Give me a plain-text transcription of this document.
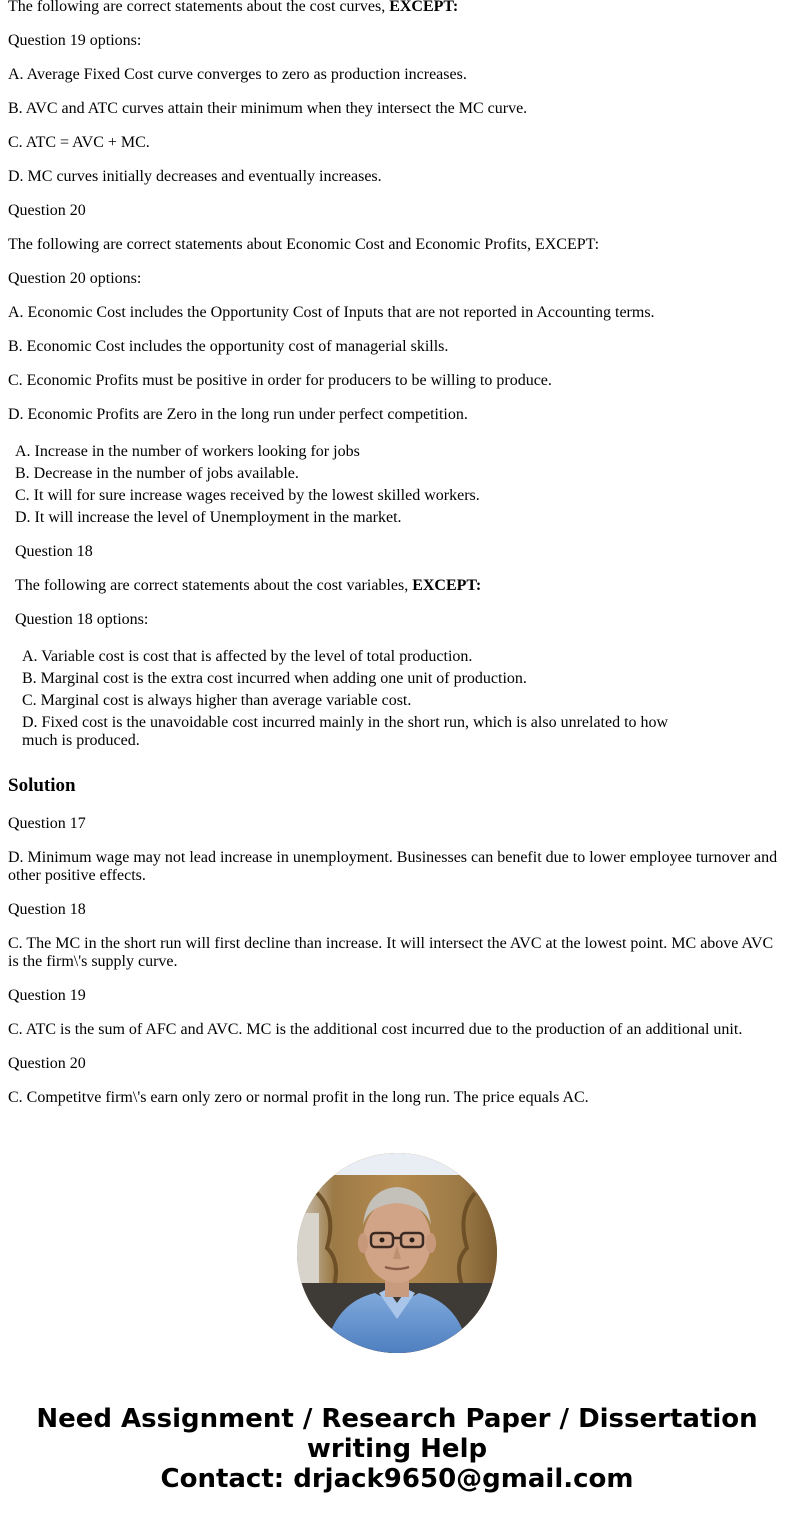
The following are correct statements about the cost curves, EXCEPT:

Question 19 options:

A. Average Fixed Cost curve converges to zero as production increases.

B. AVC and ATC curves attain their minimum when they intersect the MC curve.

C. ATC = AVC + MC.

D. MC curves initially decreases and eventually increases.

Question 20

The following are correct statements about Economic Cost and Economic Profits, EXCEPT:

Question 20 options:

A. Economic Cost includes the Opportunity Cost of Inputs that are not reported in Accounting terms.

B. Economic Cost includes the opportunity cost of managerial skills.

C. Economic Profits must be positive in order for producers to be willing to produce.

D. Economic Profits are Zero in the long run under perfect competition.

A. Increase in the number of workers looking for jobs

B. Decrease in the number of jobs available.

C. It will for sure increase wages received by the lowest skilled workers.

D. It will increase the level of Unemployment in the market.

Question 18

The following are correct statements about the cost variables, EXCEPT:

Question 18 options:

A. Variable cost is cost that is affected by the level of total production.

B. Marginal cost is the extra cost incurred when adding one unit of production.

C. Marginal cost is always higher than average variable cost.

D. Fixed cost is the unavoidable cost incurred mainly in the short run, which is also unrelated to how much is produced.

Solution

Question 17

D. Minimum wage may not lead increase in unemployment. Businesses can benefit due to lower employee turnover and other positive effects.

Question 18

C. The MC in the short run will first decline than increase. It will intersect the AVC at the lowest point. MC above AVC is the firm\'s supply curve.

Question 19

C. ATC is the sum of AFC and AVC. MC is the additional cost incurred due to the production of an additional unit.

Question 20

C. Competitve firm\'s earn only zero or normal profit in the long run. The price equals AC.

Need Assignment / Research Paper / Dissertation
writing Help
Contact: drjack9650@gmail.com
